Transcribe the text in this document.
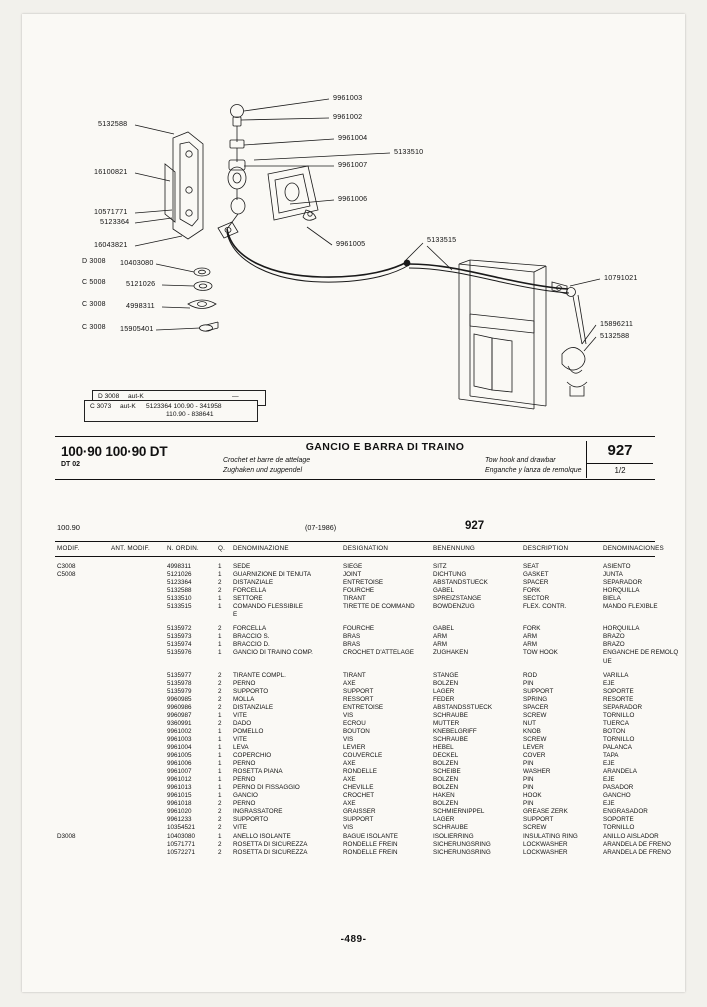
5132588
16100821
10571771
5123364
16043821
10403080
5121026
4998311
15905401
D 3008
C 5008
C 3008
C 3008
9961003
9961002
9961004
5133510
9961007
9961006
9961005	5133515
10791021
15896211
5132588
D 3008 aut-K	—
C 3073 aut-K 5123364 100.90 - 341958
110.90 - 838641
100·90 100·90 DT
DT 02
GANCIO E BARRA DI TRAINO
Crochet et barre de attelage
Zughaken und zugpendel
Tow hook and drawbar
Enganche y lanza de remolque
927
1/2
100.90	(07-1986)	927
MODIF.	ANT. MODIF.	N. ORDIN.	Q. DENOMINAZIONE	DESIGNATION	BENENNUNG	DESCRIPTION	DENOMINACIONES
C3008	4998311	1 SEDE	SIEGE	SITZ	SEAT	ASIENTO
C5008	5121026	1 GUARNIZIONE DI TENUTA	JOINT	DICHTUNG	GASKET	JUNTA
5123364	2 DISTANZIALE	ENTRETOISE	ABSTANDSTUECK	SPACER	SEPARADOR
5132588	2 FORCELLA	FOURCHE	GABEL	FORK	HORQUILLA
5133510	1 SETTORE	TIRANT	SPREIZSTANGE	SECTOR	BIELA
5133515	1 COMANDO FLESSIBILE	TIRETTE DE COMMAND	BOWDENZUG	FLEX. CONTR.	MANDO FLEXIBLE
E
5135972	2 FORCELLA	FOURCHE	GABEL	FORK	HORQUILLA
5135973	1 BRACCIO S.	BRAS	ARM	ARM	BRAZO
5135974	1 BRACCIO D.	BRAS	ARM	ARM	BRAZO
5135976	1 GANCIO DI TRAINO COMP.	CROCHET D'ATTELAGE	ZUGHAKEN	TOW HOOK	ENGANCHE DE REMOLQ
UE
5135977	2 TIRANTE COMPL.	TIRANT	STANGE	ROD	VARILLA
5135978	2 PERNO	AXE	BOLZEN	PIN	EJE
5135979	2 SUPPORTO	SUPPORT	LAGER	SUPPORT	SOPORTE
9960985	2 MOLLA	RESSORT	FEDER	SPRING	RESORTE
9960986	2 DISTANZIALE	ENTRETOISE	ABSTANDSSTUECK	SPACER	SEPARADOR
9960987	1 VITE	VIS	SCHRAUBE	SCREW	TORNILLO
9360991	2 DADO	ECROU	MUTTER	NUT	TUERCA
9961002	1 POMELLO	BOUTON	KNEBELGRIFF	KNOB	BOTON
9961003	1 VITE	VIS	SCHRAUBE	SCREW	TORNILLO
9961004	1 LEVA	LEVIER	HEBEL	LEVER	PALANCA
9961005	1 COPERCHIO	COUVERCLE	DECKEL	COVER	TAPA
9961006	1 PERNO	AXE	BOLZEN	PIN	EJE
9961007	1 ROSETTA PIANA	RONDELLE	SCHEIBE	WASHER	ARANDELA
9961012	1 PERNO	AXE	BOLZEN	PIN	EJE
9961013	1 PERNO DI FISSAGGIO	CHEVILLE	BOLZEN	PIN	PASADOR
9961015	1 GANCIO	CROCHET	HAKEN	HOOK	GANCHO
9961018	2 PERNO	AXE	BOLZEN	PIN	EJE
9961020	2 INGRASSATORE	GRAISSER	SCHMIERNIPPEL	GREASE ZERK	ENGRASADOR
9961233	2 SUPPORTO	SUPPORT	LAGER	SUPPORT	SOPORTE
10354521	2 VITE	VIS	SCHRAUBE	SCREW	TORNILLO
D3008	10403080	1 ANELLO ISOLANTE	BAGUE ISOLANTE	ISOLIERRING	INSULATING RING	ANILLO AISLADOR
10571771	2 ROSETTA DI SICUREZZA	RONDELLE FREIN	SICHERUNGSRING	LOCKWASHER	ARANDELA DE FRENO
10572271	2 ROSETTA DI SICUREZZA	RONDELLE FREIN	SICHERUNGSRING	LOCKWASHER	ARANDELA DE FRENO
-489-
